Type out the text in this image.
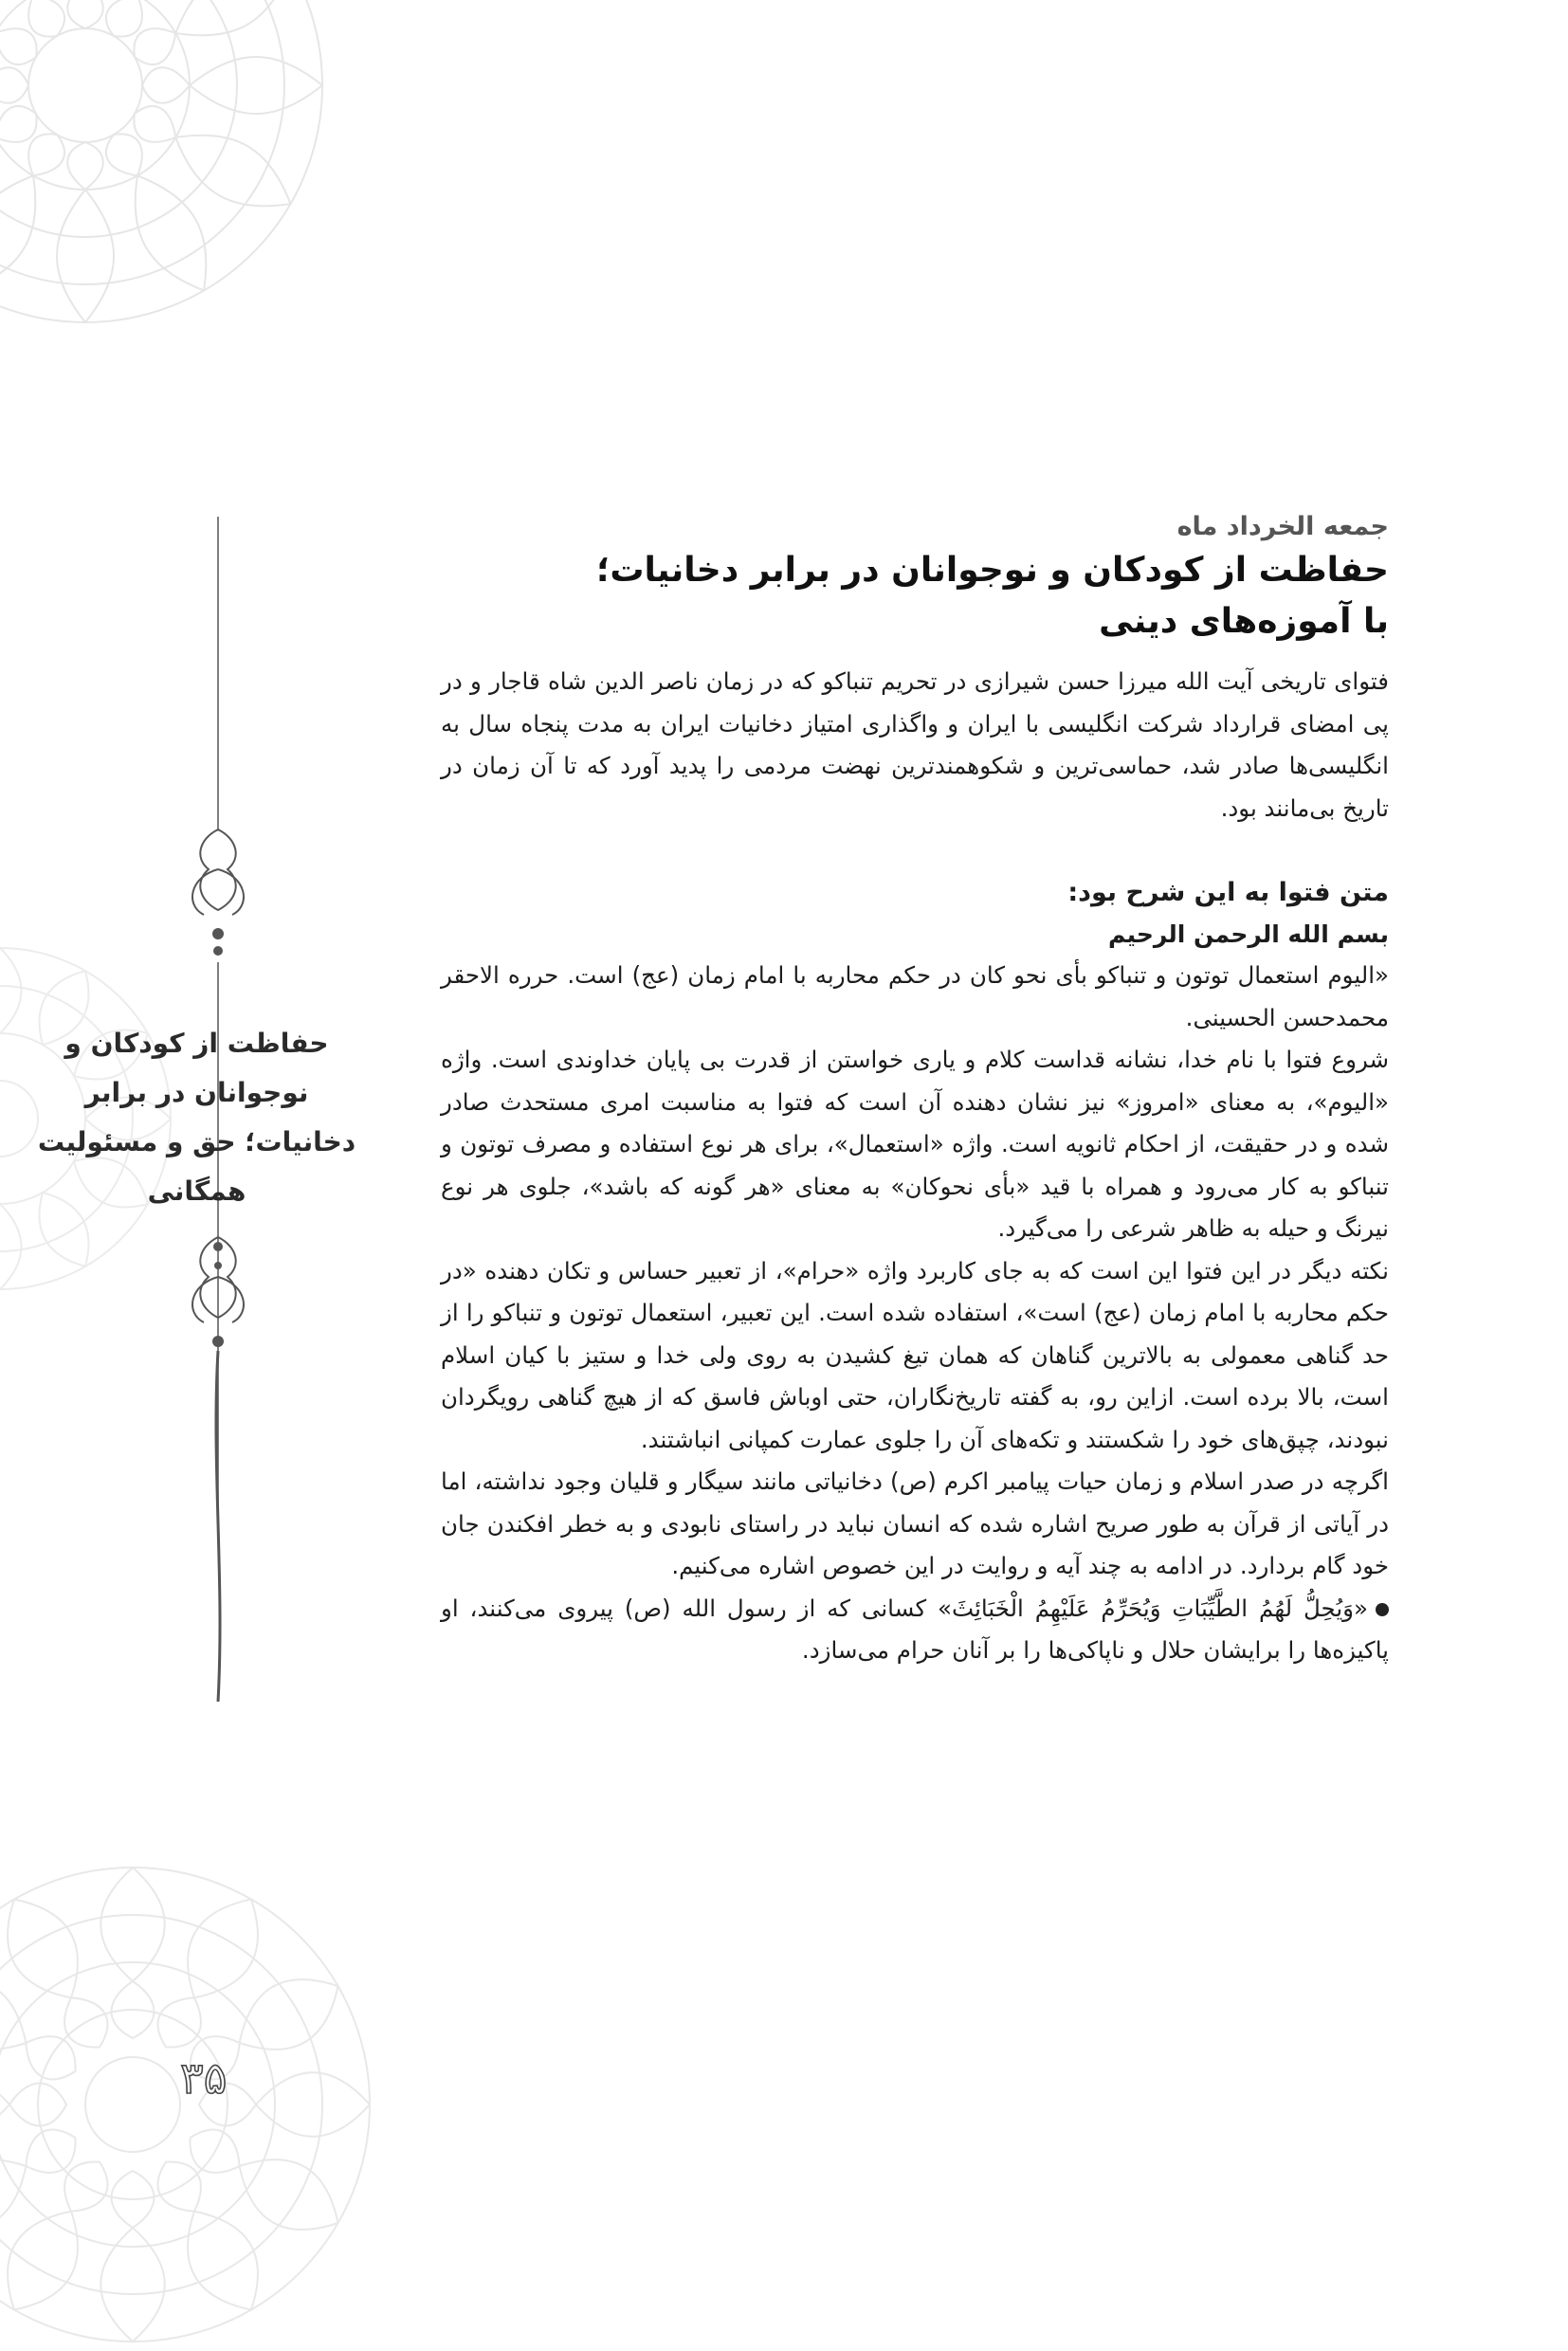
حفاظت از کودکان و نوجوانان در برابر دخانیات؛ حق و مسئولیت همگانی
۳۵

جمعه الخرداد ماه

حفاظت از کودکان و نوجوانان در برابر دخانیات؛

با آموزه‌های دینی

فتوای تاریخی آیت الله میرزا حسن شیرازی در تحریم تنباکو که در زمان ناصر الدین شاه قاجار و در پی امضای قرارداد شرکت انگلیسی با ایران و واگذاری امتیاز دخانیات ایران به مدت پنجاه سال به انگلیسی‌ها صادر شد، حماسی‌ترین و شکوهمندترین نهضت مردمی را پدید آورد که تا آن زمان در تاریخ بی‌مانند بود.

متن فتوا به این شرح بود:

بسم الله الرحمن الرحیم

«الیوم استعمال توتون و تنباکو بأی نحو کان در حکم محاربه با امام زمان (عج) است. حرره الاحقر محمدحسن الحسینی.

شروع فتوا با نام خدا، نشانه قداست کلام و یاری خواستن از قدرت بی پایان خداوندی است. واژه «الیوم»، به معنای «امروز» نیز نشان دهنده آن است که فتوا به مناسبت امری مستحدث صادر شده و در حقیقت، از احکام ثانویه است. واژه «استعمال»، برای هر نوع استفاده و مصرف توتون و تنباکو به کار می‌رود و همراه با قید «بأی نحوکان» به معنای «هر گونه که باشد»، جلوی هر نوع نیرنگ و حیله به ظاهر شرعی را می‌گیرد.

نکته دیگر در این فتوا این است که به جای کاربرد واژه «حرام»، از تعبیر حساس و تکان دهنده «در حکم محاربه با امام زمان (عج) است»، استفاده شده است. این تعبیر، استعمال توتون و تنباکو را از حد گناهی معمولی به بالاترین گناهان که همان تیغ کشیدن به روی ولی خدا و ستیز با کیان اسلام است، بالا برده است. ازاین رو، به گفته تاریخ‌نگاران، حتی اوباش فاسق که از هیچ گناهی رویگردان نبودند، چپق‌های خود را شکستند و تکه‌های آن را جلوی عمارت کمپانی انباشتند.

اگرچه در صدر اسلام و زمان حیات پیامبر اکرم (ص) دخانیاتی مانند سیگار و قلیان وجود نداشته، اما در آیاتی از قرآن به طور صریح اشاره شده که انسان نباید در راستای نابودی و به خطر افکندن جان خود گام بردارد. در ادامه به چند آیه و روایت در این خصوص اشاره می‌کنیم.

«وَیُحِلُّ لَهُمُ الطَّیِّبَاتِ وَیُحَرِّمُ عَلَیْهِمُ الْخَبَائِثَ» کسانی که از رسول الله (ص) پیروی می‌کنند، او پاکیزه‌ها را برایشان حلال و ناپاکی‌ها را بر آنان حرام می‌سازد.
